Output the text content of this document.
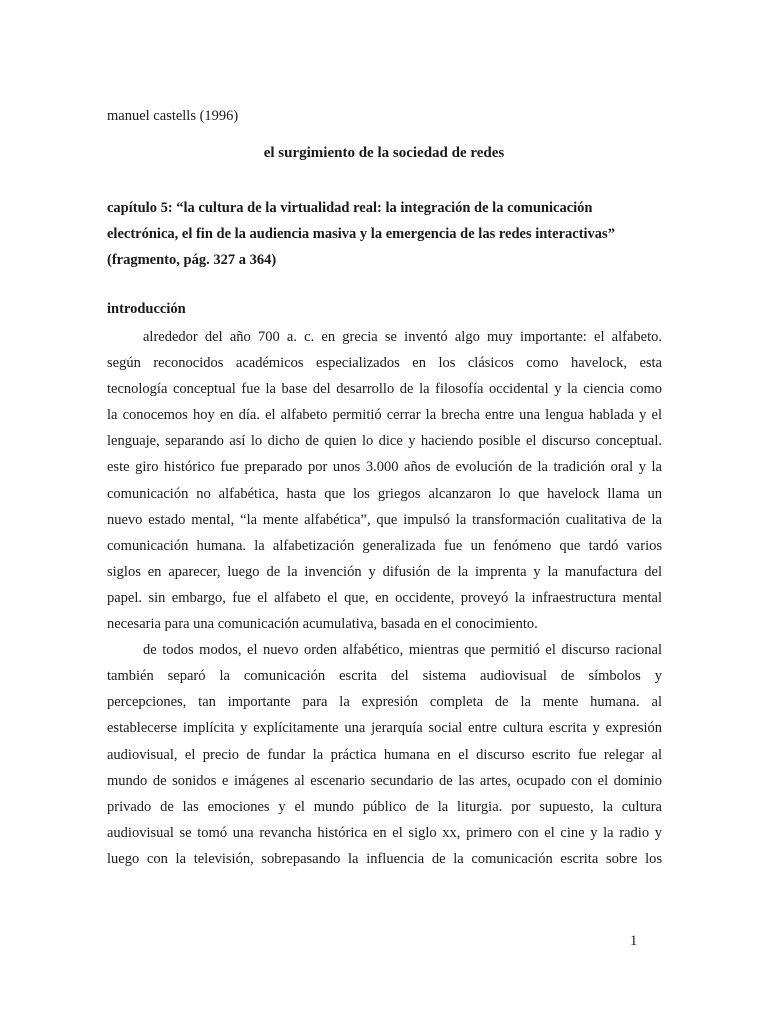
manuel castells (1996)
el surgimiento de la sociedad de redes
capítulo 5: “la cultura de la virtualidad real: la integración de la comunicación
electrónica, el fin de la audiencia masiva y la emergencia de las redes interactivas”
(fragmento, pág. 327 a 364)
introducción
alrededor del año 700 a. c. en grecia se inventó algo muy importante: el alfabeto.
según reconocidos académicos especializados en los clásicos como havelock, esta
tecnología conceptual fue la base del desarrollo de la filosofía occidental y la ciencia como
la conocemos hoy en día. el alfabeto permitió cerrar la brecha entre una lengua hablada y el
lenguaje, separando así lo dicho de quien lo dice y haciendo posible el discurso conceptual.
este giro histórico fue preparado por unos 3.000 años de evolución de la tradición oral y la
comunicación no alfabética, hasta que los griegos alcanzaron lo que havelock llama un
nuevo estado mental, “la mente alfabética”, que impulsó la transformación cualitativa de la
comunicación humana. la alfabetización generalizada fue un fenómeno que tardó varios
siglos en aparecer, luego de la invención y difusión de la imprenta y la manufactura del
papel. sin embargo, fue el alfabeto el que, en occidente, proveyó la infraestructura mental
necesaria para una comunicación acumulativa, basada en el conocimiento.
de todos modos, el nuevo orden alfabético, mientras que permitió el discurso racional
también separó la comunicación escrita del sistema audiovisual de símbolos y
percepciones, tan importante para la expresión completa de la mente humana. al
establecerse implícita y explícitamente una jerarquía social entre cultura escrita y expresión
audiovisual, el precio de fundar la práctica humana en el discurso escrito fue relegar al
mundo de sonidos e imágenes al escenario secundario de las artes, ocupado con el dominio
privado de las emociones y el mundo público de la liturgia. por supuesto, la cultura
audiovisual se tomó una revancha histórica en el siglo xx, primero con el cine y la radio y
luego con la televisión, sobrepasando la influencia de la comunicación escrita sobre los
1
